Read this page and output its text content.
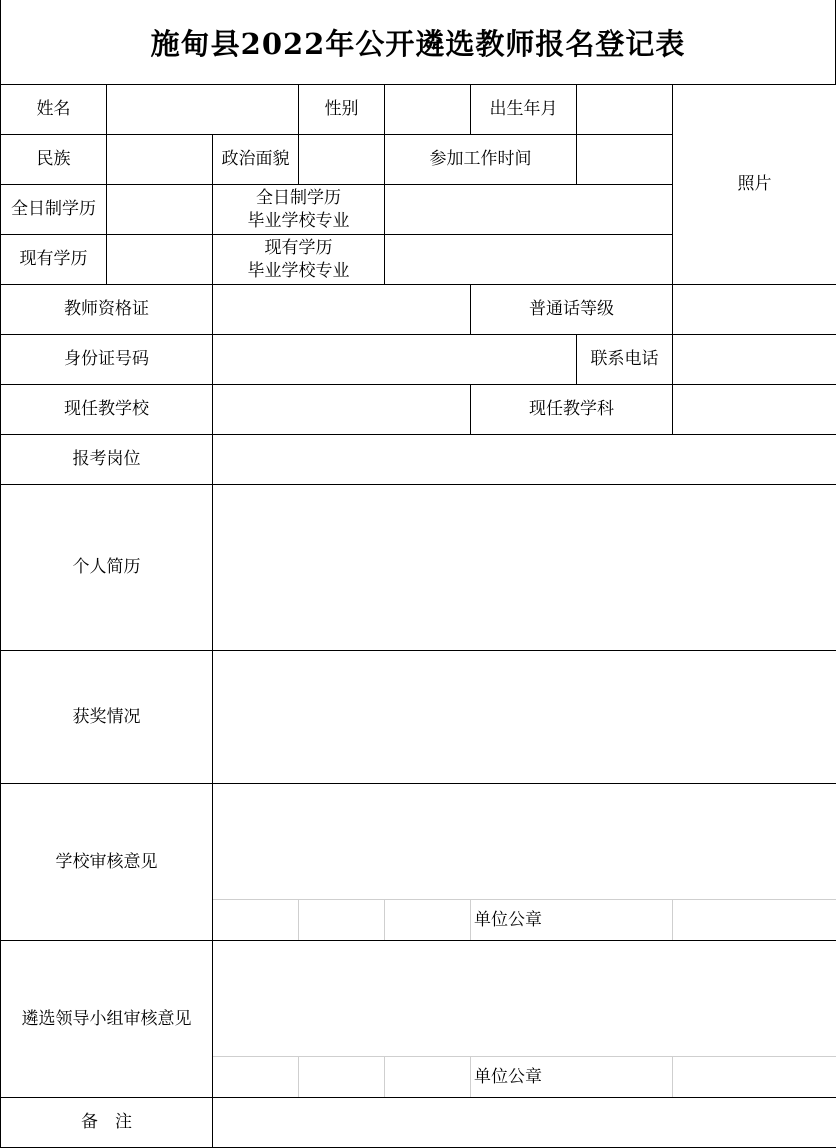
施甸县2022年公开遴选教师报名登记表
姓名			性别		出生年月		照片	
民族		政治面貌		参加工作时间				
全日制学历		全日制学历
毕业学校专业						

现有学历		现有学历
毕业学校专业						

教师资格证					普通话等级			
身份证号码						联系电话		
现任教学校					现任教学科			
报考岗位								
个人简历								
获奖情况								
学校审核意见								
					单位公章		

遴选领导小组审核意见								
					单位公章		

备　注								
